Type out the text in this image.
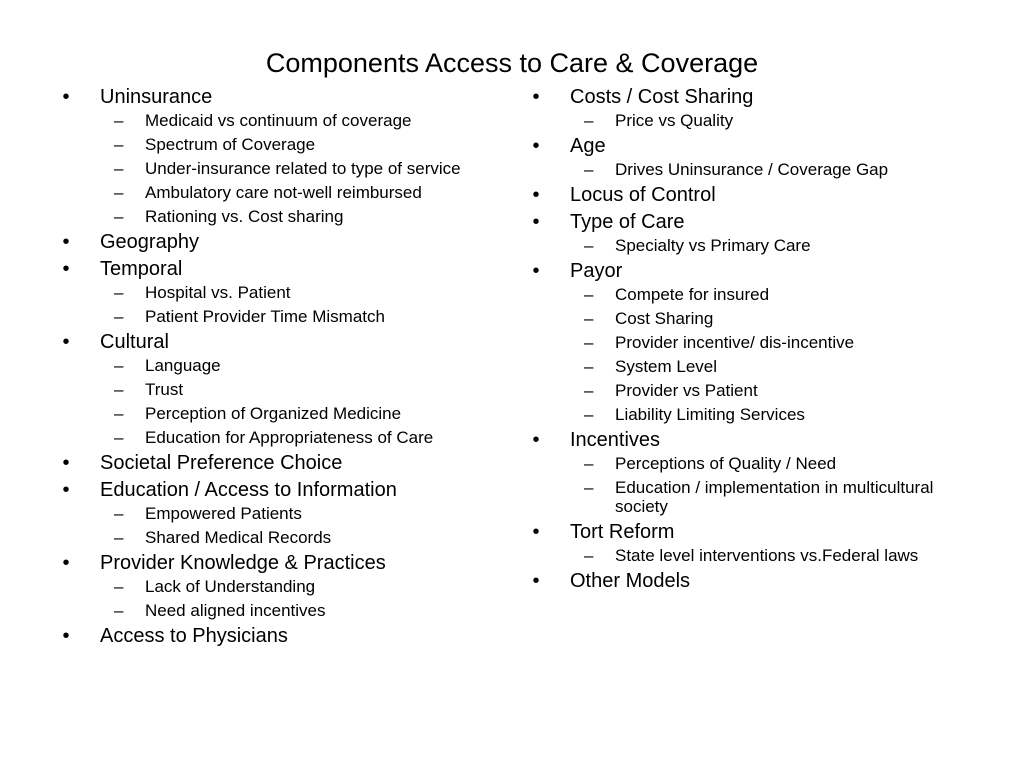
Components Access to Care & Coverage
• Uninsurance
– Medicaid vs continuum of coverage
– Spectrum of Coverage
– Under-insurance related to type of service
– Ambulatory care not-well reimbursed
– Rationing vs. Cost sharing
• Geography
• Temporal
– Hospital vs. Patient
– Patient Provider Time Mismatch
• Cultural
– Language
– Trust
– Perception of Organized Medicine
– Education for Appropriateness of Care
• Societal Preference Choice
• Education / Access to Information
– Empowered Patients
– Shared Medical Records
• Provider Knowledge & Practices
– Lack of Understanding
– Need aligned incentives
• Access to Physicians
• Costs / Cost Sharing
– Price vs Quality
• Age
– Drives Uninsurance / Coverage Gap
• Locus of Control
• Type of Care
– Specialty vs Primary Care
• Payor
– Compete for insured
– Cost Sharing
– Provider incentive/ dis-incentive
– System Level
– Provider vs Patient
– Liability Limiting Services
• Incentives
– Perceptions of Quality / Need
– Education / implementation in multicultural society
• Tort Reform
– State level interventions vs.Federal laws
• Other Models
